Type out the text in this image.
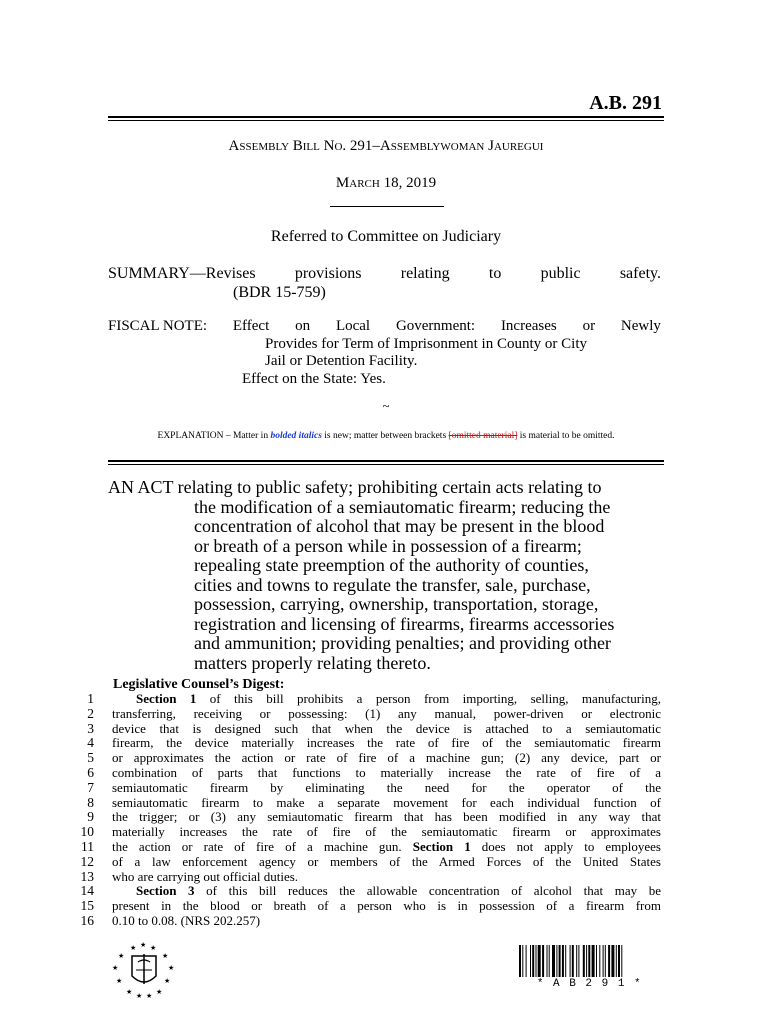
A.B. 291
Assembly Bill No. 291–Assemblywoman Jauregui
March 18, 2019
Referred to Committee on Judiciary
SUMMARY—Revises provisions relating to public safety.
(BDR 15-759)
FISCAL NOTE: Effect on Local Government: Increases or Newly
Provides for Term of Imprisonment in County or City
Jail or Detention Facility.
Effect on the State: Yes.
~
EXPLANATION – Matter in bolded italics is new; matter between brackets [omitted material] is material to be omitted.
AN ACT relating to public safety; prohibiting certain acts relating to
the modification of a semiautomatic firearm; reducing the
concentration of alcohol that may be present in the blood
or breath of a person while in possession of a firearm;
repealing state preemption of the authority of counties,
cities and towns to regulate the transfer, sale, purchase,
possession, carrying, ownership, transportation, storage,
registration and licensing of firearms, firearms accessories
and ammunition; providing penalties; and providing other
matters properly relating thereto.
Legislative Counsel’s Digest:
1
2
3
4
5
6
7
8
9
10
11
12
13
14
15
16
Section 1 of this bill prohibits a person from importing, selling, manufacturing,
transferring, receiving or possessing: (1) any manual, power-driven or electronic
device that is designed such that when the device is attached to a semiautomatic
firearm, the device materially increases the rate of fire of the semiautomatic firearm
or approximates the action or rate of fire of a machine gun; (2) any device, part or
combination of parts that functions to materially increase the rate of fire of a
semiautomatic firearm by eliminating the need for the operator of the
semiautomatic firearm to make a separate movement for each individual function of
the trigger; or (3) any semiautomatic firearm that has been modified in any way that
materially increases the rate of fire of the semiautomatic firearm or approximates
the action or rate of fire of a machine gun. Section 1 does not apply to employees
of a law enforcement agency or members of the Armed Forces of the United States
who are carrying out official duties.
Section 3 of this bill reduces the allowable concentration of alcohol that may be
present in the blood or breath of a person who is in possession of a firearm from
0.10 to 0.08. (NRS 202.257)
★ ★ ★
★	★
★	★
★	★
★ ★ ★ ★
* A B 2 9 1 *
